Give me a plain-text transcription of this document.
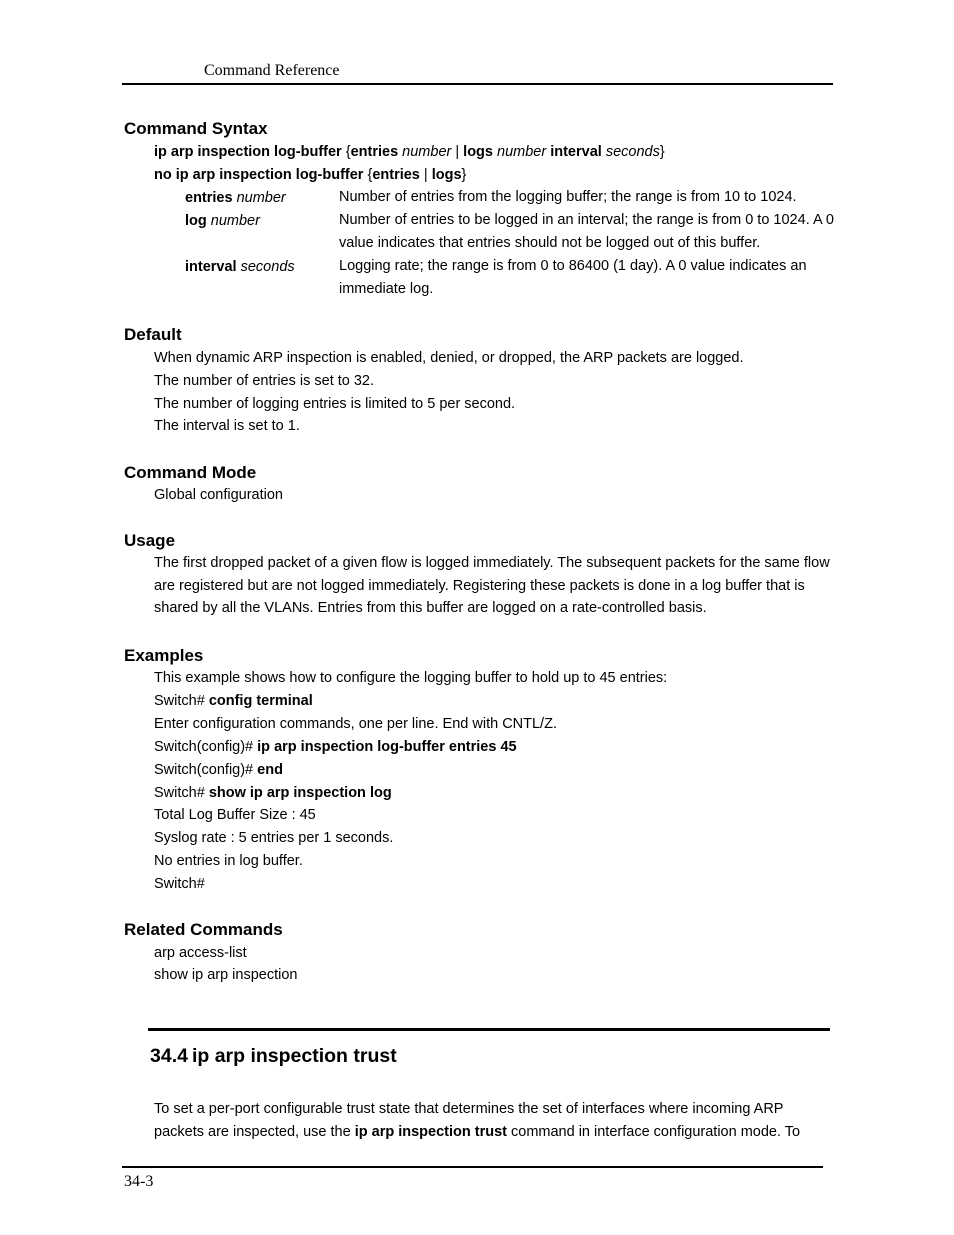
Command Reference
Command Syntax
ip arp inspection log-buffer {entries number | logs number interval seconds}
no ip arp inspection log-buffer {entries | logs}
entries number	Number of entries from the logging buffer; the range is from 10 to 1024.
log number	Number of entries to be logged in an interval; the range is from 0 to 1024. A 0 value indicates that entries should not be logged out of this buffer.
interval seconds	Logging rate; the range is from 0 to 86400 (1 day). A 0 value indicates an immediate log.
Default
When dynamic ARP inspection is enabled, denied, or dropped, the ARP packets are logged.
The number of entries is set to 32.
The number of logging entries is limited to 5 per second.
The interval is set to 1.
Command Mode
Global configuration
Usage
The first dropped packet of a given flow is logged immediately. The subsequent packets for the same flow are registered but are not logged immediately. Registering these packets is done in a log buffer that is shared by all the VLANs. Entries from this buffer are logged on a rate-controlled basis.
Examples
This example shows how to configure the logging buffer to hold up to 45 entries:
Switch# config terminal
Enter configuration commands, one per line. End with CNTL/Z.
Switch(config)# ip arp inspection log-buffer entries 45
Switch(config)# end
Switch# show ip arp inspection log
Total Log Buffer Size : 45
Syslog rate : 5 entries per 1 seconds.
No entries in log buffer.
Switch#
Related Commands
arp access-list
show ip arp inspection
34.4 ip arp inspection trust
To set a per-port configurable trust state that determines the set of interfaces where incoming ARP packets are inspected, use the ip arp inspection trust command in interface configuration mode. To
34-3
